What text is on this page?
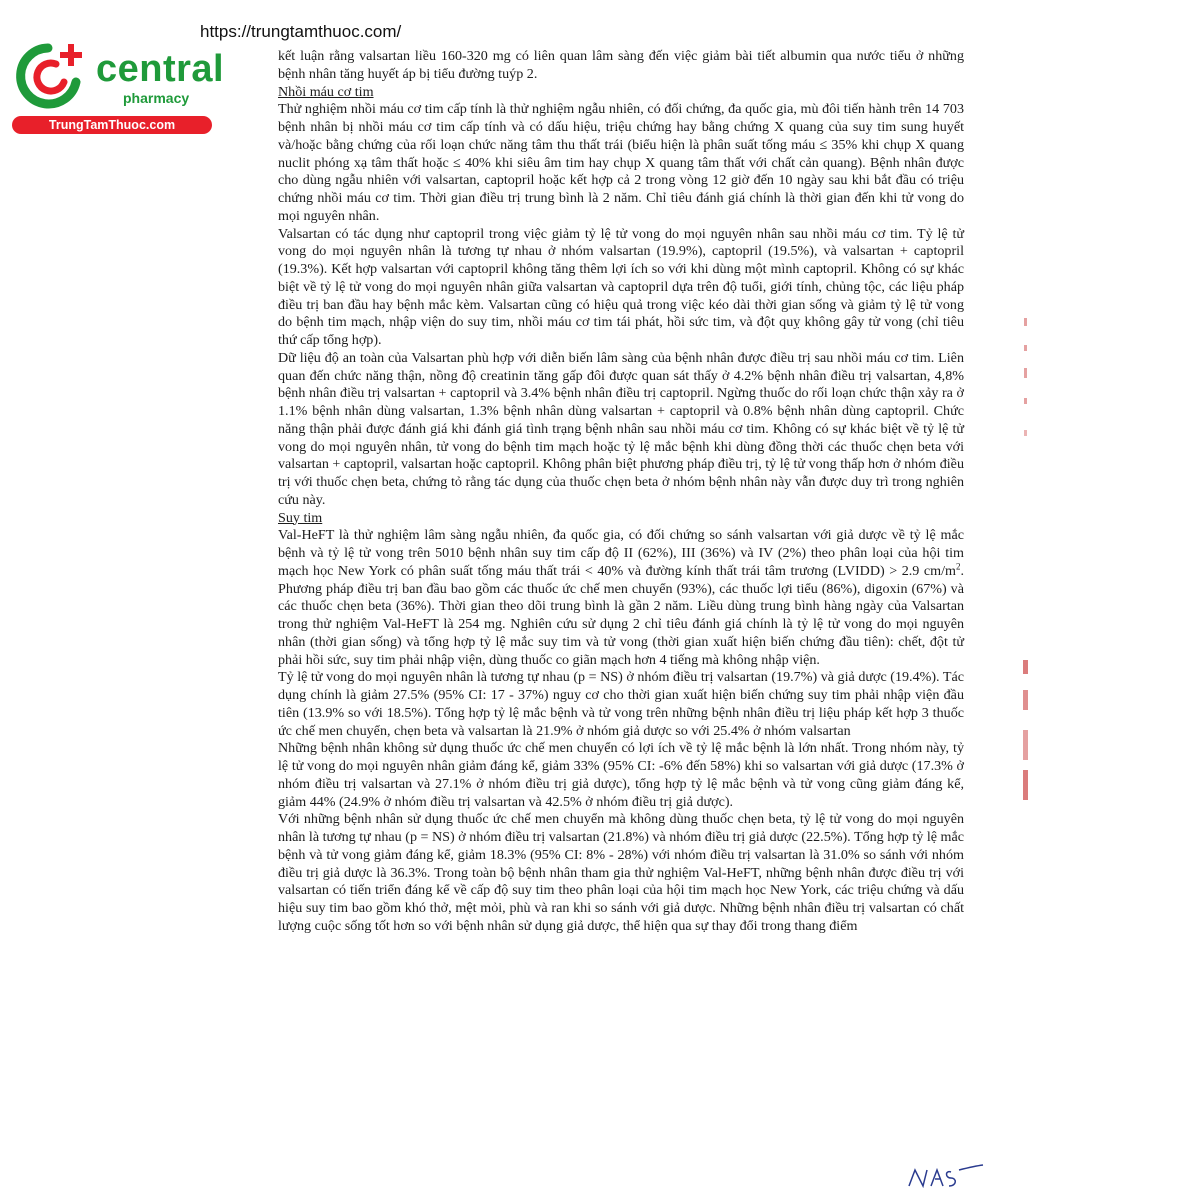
https://trungtamthuoc.com/
central
pharmacy
TrungTamThuoc.com

kết luận rằng valsartan liều 160-320 mg có liên quan lâm sàng đến việc giảm bài tiết albumin qua nước tiểu ở những bệnh nhân tăng huyết áp bị tiểu đường tuýp 2.

Nhồi máu cơ tim

Thử nghiệm nhồi máu cơ tim cấp tính là thử nghiệm ngẫu nhiên, có đối chứng, đa quốc gia, mù đôi tiến hành trên 14 703 bệnh nhân bị nhồi máu cơ tim cấp tính và có dấu hiệu, triệu chứng hay bằng chứng X quang của suy tim sung huyết và/hoặc bằng chứng của rối loạn chức năng tâm thu thất trái (biểu hiện là phân suất tống máu ≤ 35% khi chụp X quang nuclit phóng xạ tâm thất hoặc ≤ 40% khi siêu âm tim hay chụp X quang tâm thất với chất cản quang). Bệnh nhân được cho dùng ngẫu nhiên với valsartan, captopril hoặc kết hợp cả 2 trong vòng 12 giờ đến 10 ngày sau khi bắt đầu có triệu chứng nhồi máu cơ tim. Thời gian điều trị trung bình là 2 năm. Chỉ tiêu đánh giá chính là thời gian đến khi tử vong do mọi nguyên nhân.

Valsartan có tác dụng như captopril trong việc giảm tỷ lệ tử vong do mọi nguyên nhân sau nhồi máu cơ tim. Tỷ lệ tử vong do mọi nguyên nhân là tương tự nhau ở nhóm valsartan (19.9%), captopril (19.5%), và valsartan + captopril (19.3%). Kết hợp valsartan với captopril không tăng thêm lợi ích so với khi dùng một mình captopril. Không có sự khác biệt về tỷ lệ tử vong do mọi nguyên nhân giữa valsartan và captopril dựa trên độ tuổi, giới tính, chủng tộc, các liệu pháp điều trị ban đầu hay bệnh mắc kèm. Valsartan cũng có hiệu quả trong việc kéo dài thời gian sống và giảm tỷ lệ tử vong do bệnh tim mạch, nhập viện do suy tim, nhồi máu cơ tim tái phát, hồi sức tim, và đột quỵ không gây tử vong (chỉ tiêu thứ cấp tổng hợp).

Dữ liệu độ an toàn của Valsartan phù hợp với diễn biến lâm sàng của bệnh nhân được điều trị sau nhồi máu cơ tim. Liên quan đến chức năng thận, nồng độ creatinin tăng gấp đôi được quan sát thấy ở 4.2% bệnh nhân điều trị valsartan, 4,8% bệnh nhân điều trị valsartan + captopril và 3.4% bệnh nhân điều trị captopril. Ngừng thuốc do rối loạn chức thận xảy ra ở 1.1% bệnh nhân dùng valsartan, 1.3% bệnh nhân dùng valsartan + captopril và 0.8% bệnh nhân dùng captopril. Chức năng thận phải được đánh giá khi đánh giá tình trạng bệnh nhân sau nhồi máu cơ tim. Không có sự khác biệt về tỷ lệ tử vong do mọi nguyên nhân, tử vong do bệnh tim mạch hoặc tỷ lệ mắc bệnh khi dùng đồng thời các thuốc chẹn beta với valsartan + captopril, valsartan hoặc captopril. Không phân biệt phương pháp điều trị, tỷ lệ tử vong thấp hơn ở nhóm điều trị với thuốc chẹn beta, chứng tỏ rằng tác dụng của thuốc chẹn beta ở nhóm bệnh nhân này vẫn được duy trì trong nghiên cứu này.

Suy tim

Val-HeFT là thử nghiệm lâm sàng ngẫu nhiên, đa quốc gia, có đối chứng so sánh valsartan với giả dược về tỷ lệ mắc bệnh và tỷ lệ tử vong trên 5010 bệnh nhân suy tim cấp độ II (62%), III (36%) và IV (2%) theo phân loại của hội tim mạch học New York có phân suất tống máu thất trái < 40% và đường kính thất trái tâm trương (LVIDD) > 2.9 $cm/m^2$. Phương pháp điều trị ban đầu bao gồm các thuốc ức chế men chuyển (93%), các thuốc lợi tiểu (86%), digoxin (67%) và các thuốc chẹn beta (36%). Thời gian theo dõi trung bình là gần 2 năm. Liều dùng trung bình hàng ngày của Valsartan trong thử nghiệm Val-HeFT là 254 mg. Nghiên cứu sử dụng 2 chỉ tiêu đánh giá chính là tỷ lệ tử vong do mọi nguyên nhân (thời gian sống) và tổng hợp tỷ lệ mắc suy tim và tử vong (thời gian xuất hiện biến chứng đầu tiên): chết, đột tử phải hồi sức, suy tim phải nhập viện, dùng thuốc co giãn mạch hơn 4 tiếng mà không nhập viện.

Tỷ lệ tử vong do mọi nguyên nhân là tương tự nhau (p = NS) ở nhóm điều trị valsartan (19.7%) và giả dược (19.4%). Tác dụng chính là giảm 27.5% (95% CI: 17 - 37%) nguy cơ cho thời gian xuất hiện biến chứng suy tim phải nhập viện đầu tiên (13.9% so với 18.5%). Tổng hợp tỷ lệ mắc bệnh và tử vong trên những bệnh nhân điều trị liệu pháp kết hợp 3 thuốc ức chế men chuyển, chẹn beta và valsartan là 21.9% ở nhóm giả dược so với 25.4% ở nhóm valsartan

Những bệnh nhân không sử dụng thuốc ức chế men chuyển có lợi ích về tỷ lệ mắc bệnh là lớn nhất. Trong nhóm này, tỷ lệ tử vong do mọi nguyên nhân giảm đáng kể, giảm 33% (95% CI: -6% đến 58%) khi so valsartan với giả dược (17.3% ở nhóm điều trị valsartan và 27.1% ở nhóm điều trị giả dược), tổng hợp tỷ lệ mắc bệnh và tử vong cũng giảm đáng kể, giảm 44% (24.9% ở nhóm điều trị valsartan và 42.5% ở nhóm điều trị giả dược).

Với những bệnh nhân sử dụng thuốc ức chế men chuyển mà không dùng thuốc chẹn beta, tỷ lệ tử vong do mọi nguyên nhân là tương tự nhau (p = NS) ở nhóm điều trị valsartan (21.8%) và nhóm điều trị giả dược (22.5%). Tổng hợp tỷ lệ mắc bệnh và tử vong giảm đáng kể, giảm 18.3% (95% CI: 8% - 28%) với nhóm điều trị valsartan là 31.0% so sánh với nhóm điều trị giả dược là 36.3%. Trong toàn bộ bệnh nhân tham gia thử nghiệm Val-HeFT, những bệnh nhân được điều trị với valsartan có tiến triển đáng kể về cấp độ suy tim theo phân loại của hội tim mạch học New York, các triệu chứng và dấu hiệu suy tim bao gồm khó thở, mệt mỏi, phù và ran khi so sánh với giả dược. Những bệnh nhân điều trị valsartan có chất lượng cuộc sống tốt hơn so với bệnh nhân sử dụng giả dược, thể hiện qua sự thay đổi trong thang điểm
